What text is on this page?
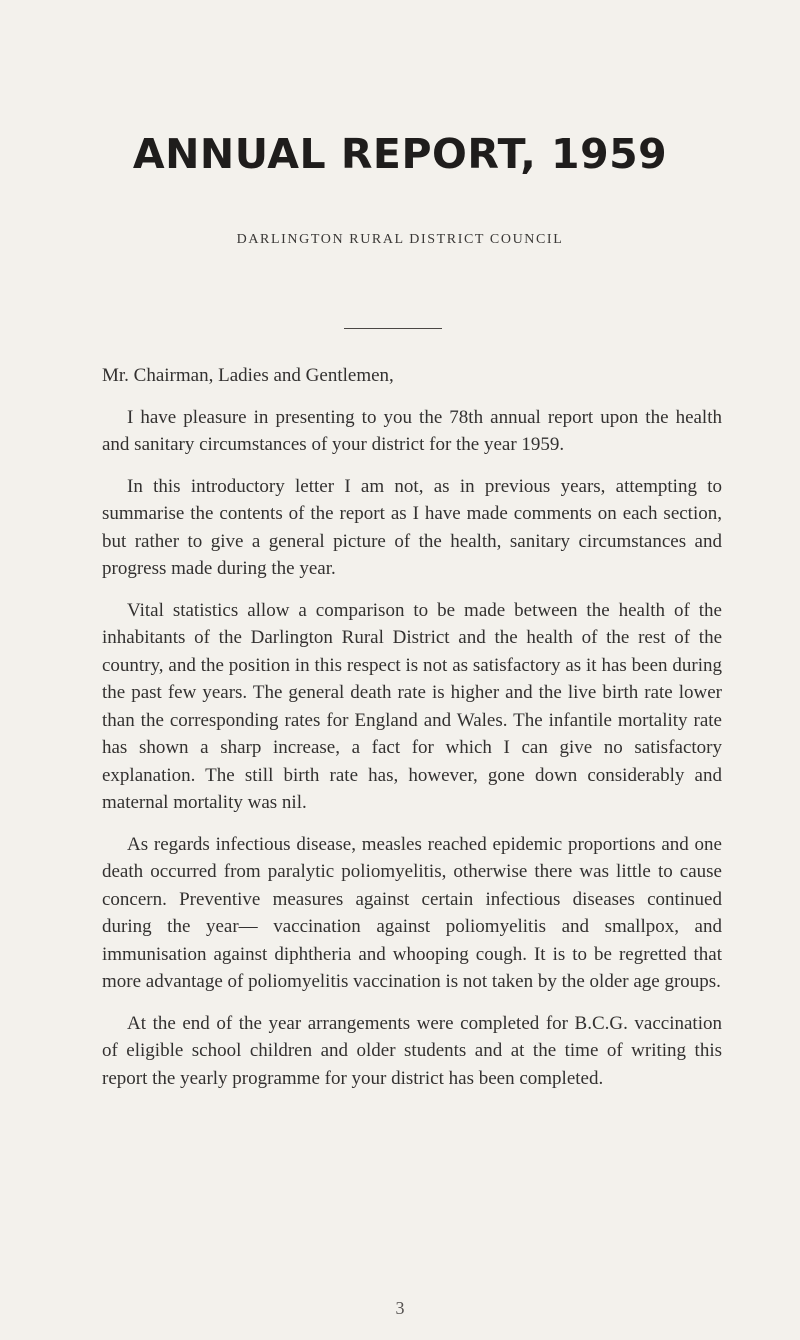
ANNUAL REPORT, 1959
DARLINGTON RURAL DISTRICT COUNCIL

Mr. Chairman, Ladies and Gentlemen,

I have pleasure in presenting to you the 78th annual report upon the health and sanitary circumstances of your district for the year 1959.

In this introductory letter I am not, as in previous years, attempting to summarise the contents of the report as I have made comments on each section, but rather to give a general picture of the health, sanitary circumstances and progress made during the year.

Vital statistics allow a comparison to be made between the health of the inhabitants of the Darlington Rural District and the health of the rest of the country, and the position in this respect is not as satisfactory as it has been during the past few years. The general death rate is higher and the live birth rate lower than the corresponding rates for England and Wales. The infantile mortality rate has shown a sharp increase, a fact for which I can give no satisfactory explanation. The still birth rate has, however, gone down considerably and maternal mortality was nil.

As regards infectious disease, measles reached epidemic proportions and one death occurred from paralytic poliomyelitis, otherwise there was little to cause concern. Preventive measures against certain infectious diseases continued during the year— vaccination against poliomyelitis and smallpox, and immunisation against diphtheria and whooping cough. It is to be regretted that more advantage of poliomyelitis vaccination is not taken by the older age groups.

At the end of the year arrangements were completed for B.C.G. vaccination of eligible school children and older students and at the time of writing this report the yearly programme for your district has been completed.

3
